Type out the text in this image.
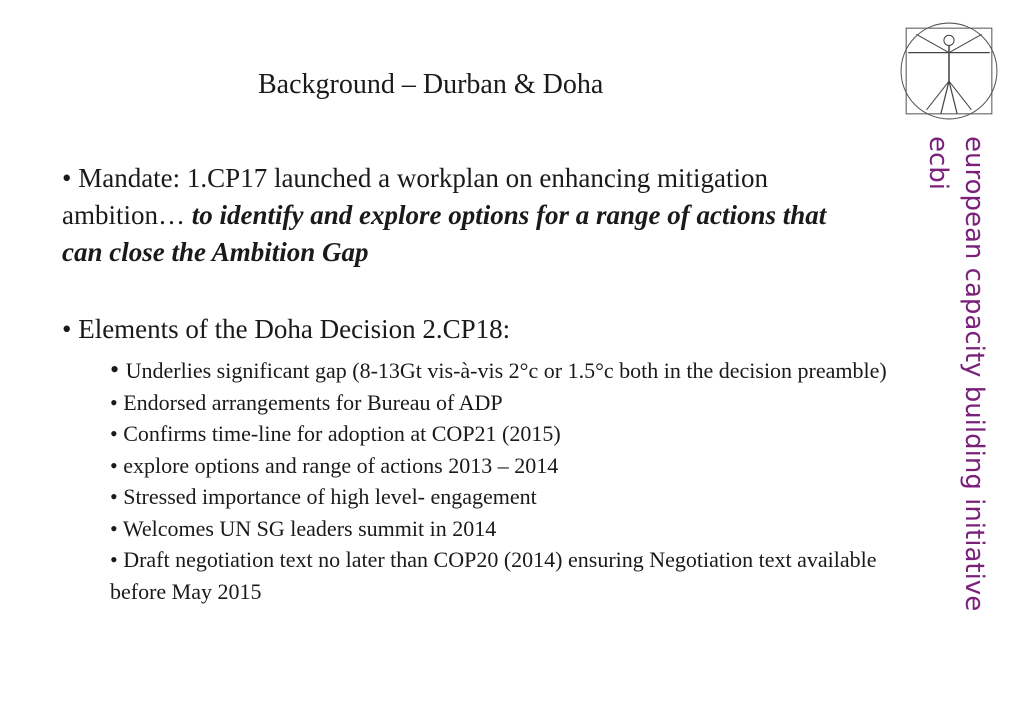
Background – Durban & Doha
• Mandate: 1.CP17 launched a workplan on enhancing mitigation ambition… to identify and explore options for a range of actions that can close the Ambition Gap
• Elements of the Doha Decision 2.CP18:
• Underlies significant gap (8-13Gt vis-à-vis 2°c or 1.5°c both in the decision preamble)
• Endorsed arrangements for Bureau of ADP
• Confirms time-line for adoption at COP21 (2015)
• explore options and range of actions 2013 – 2014
• Stressed importance of high level- engagement
• Welcomes UN SG leaders summit in 2014
• Draft negotiation text no later than COP20 (2014) ensuring Negotiation text available before May 2015	european capacity building initiative
ecbi
